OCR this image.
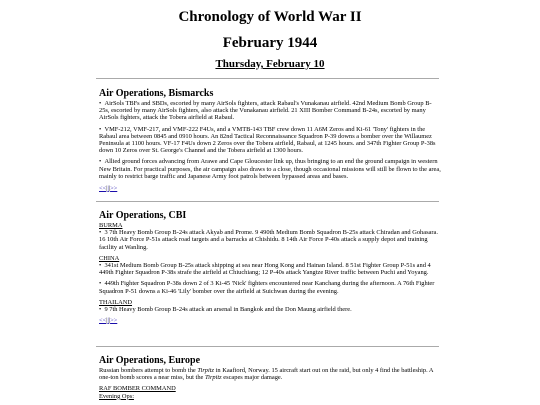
Chronology of World War II
February 1944
Thursday, February 10
Air Operations, Bismarcks

•   AirSols TBFs and SBDs, escorted by many AirSols fighters, attack Rabaul's Vunakanau airfield. 42nd Medium Bomb Group B-25s, escorted by many AirSols fighters, also attack the Vunakanau airfield. 21 XIII Bomber Command B-24s, escorted by many AirSols fighters, attack the Tobera airfield at Rabaul.

•   VMF-212, VMF-217, and VMF-222 F4Us, and a VMTB-143 TBF crew down 11 A6M Zeros and Ki-61 'Tony' fighters in the Rabaul area between 0845 and 0910 hours. An 82nd Tactical Reconnaissance Squadron P-39 downs a bomber over the Willaumez Peninsula at 1100 hours. VF-17 F4Us down 2 Zeros over the Tobera airfield, Rabaul, at 1245 hours. and 347th Fighter Group P-38s down 10 Zeros over St. George's Channel and the Tobera airfield at 1300 hours.

•   Allied ground forces advancing from Arawe and Cape Gloucester link up, thus bringing to an end the ground campaign in western New Britain. For practical purposes, the air campaign also draws to a close, though occasional missions will still be flown to the area, mainly to restrict barge traffic and Japanese Army foot patrols between bypassed areas and bases.

<<|||>>
Air Operations, CBI

BURMA

•   3 7th Heavy Bomb Group B-24s attack Akyab and Prome. 9 490th Medium Bomb Squadron B-25s attack Chiradan and Gohasara. 16 10th Air Force P-51s attack road targets and a barracks at Chishidu. 8 14th Air Force P-40s attack a supply depot and training facility at Wanling.

CHINA

•   341st Medium Bomb Group B-25s attack shipping at sea near Hong Kong and Hainan Island. 8 51st Fighter Group P-51s and 4 449th Fighter Squadron P-38s strafe the airfield at Chiuchiang; 12 P-40s attack Yangtze River traffic between Puchi and Yoyang.

•   449th Fighter Squadron P-38s down 2 of 3 Ki-45 'Nick' fighters encountered near Kanchang during the afternoon. A 76th Fighter Squadron P-51 downs a Ki-46 'Lily' bomber over the airfield at Suichwan during the evening.

THAILAND

•   9 7th Heavy Bomb Group B-24s attack an arsenal in Bangkok and the Don Maung airfield there.

<<|||>>
Air Operations, Europe

Russian bombers attempt to bomb the Tirpitz in Kaafiord, Norway. 15 aircraft start out on the raid, but only 4 find the battleship. A one-ton bomb scores a near miss, but the Tirpitz escapes major damage.

RAF BOMBER COMMAND

Evening Ops:
